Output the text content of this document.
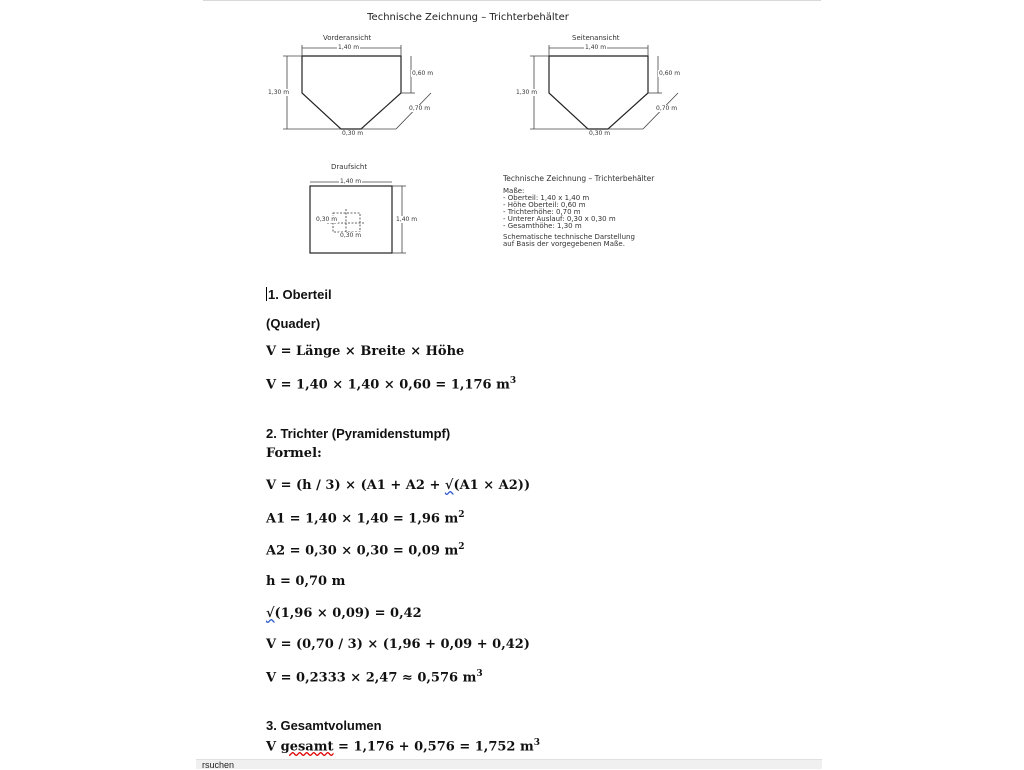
Technische Zeichnung – Trichterbehälter
Vorderansicht
1,40 m
1,30 m
0,60 m
0,70 m
0,30 m
Seitenansicht
1,40 m
1,30 m
0,60 m
0,70 m
0,30 m
Draufsicht
1,40 m
1,40 m
0,30 m
0,30 m
Technische Zeichnung – Trichterbehälter
Maße:
- Oberteil: 1,40 x 1,40 m
- Höhe Oberteil: 0,60 m
- Trichterhöhe: 0,70 m
- Unterer Auslauf: 0,30 x 0,30 m
- Gesamthöhe: 1,30 m
Schematische technische Darstellung
auf Basis der vorgegebenen Maße.
1. Oberteil
(Quader)
V = Länge × Breite × Höhe
V = 1,40 × 1,40 × 0,60 = 1,176 $m^3$
2. Trichter (Pyramidenstumpf)
Formel:
V = (h / 3) × (A1 + A2 + √(A1 × A2))
A1 = 1,40 × 1,40 = 1,96 $m^2$
A2 = 0,30 × 0,30 = 0,09 $m^2$
h = 0,70 m
√(1,96 × 0,09) = 0,42
V = (0,70 / 3) × (1,96 + 0,09 + 0,42)
V = 0,2333 × 2,47 ≈ 0,576 $m^3$
3. Gesamtvolumen
V gesamt = 1,176 + 0,576 = 1,752 $m^3$
rsuchen
